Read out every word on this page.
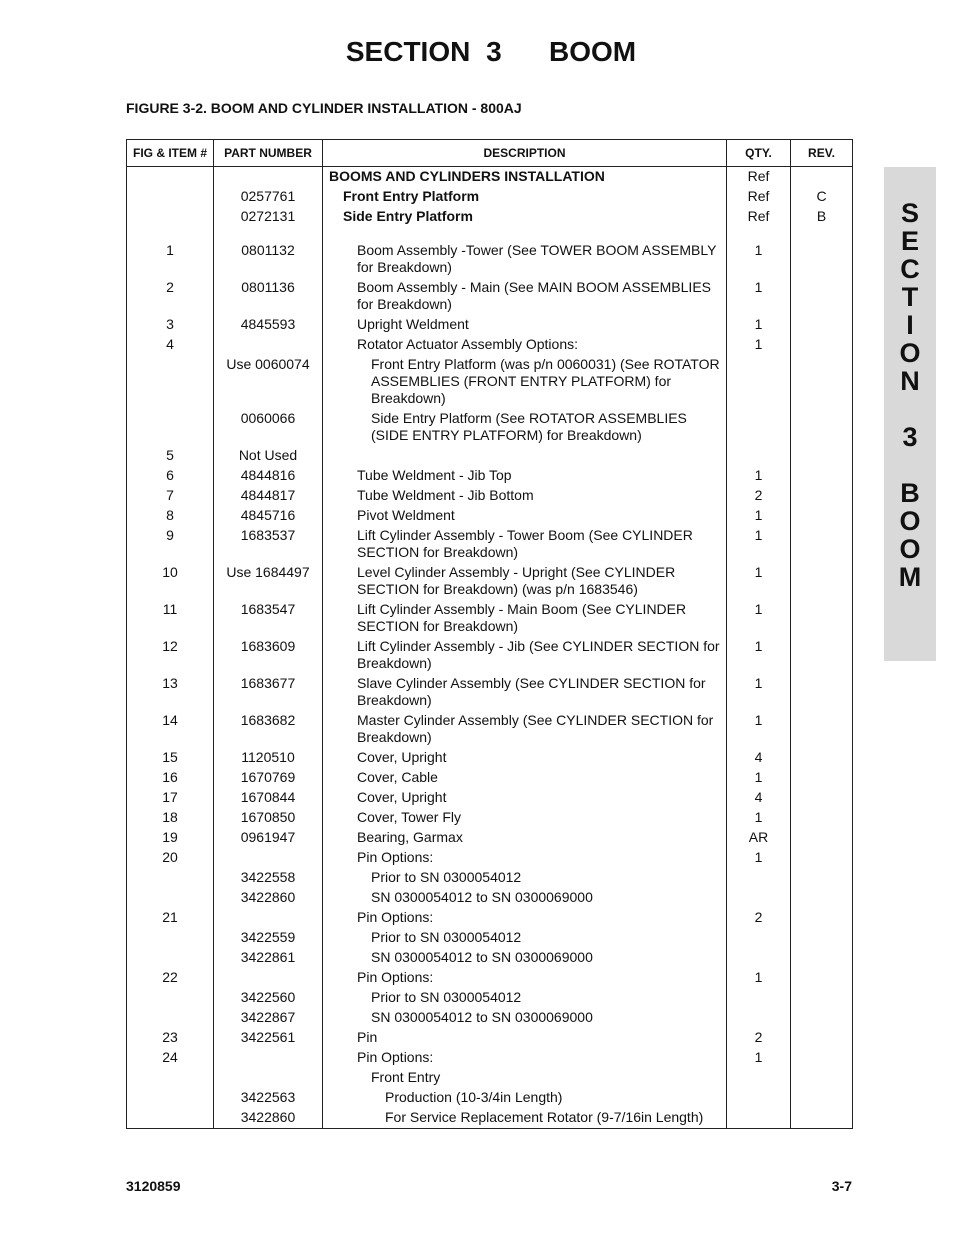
SECTION 3   BOOM
FIGURE 3-2. BOOM AND CYLINDER INSTALLATION - 800AJ
FIG & ITEM #	PART NUMBER	DESCRIPTION	QTY.	REV.

		BOOMS AND CYLINDERS INSTALLATION	Ref	
	0257761	Front Entry Platform	Ref	C
	0272131	Side Entry Platform	Ref	B

1	0801132	Boom Assembly -Tower (See TOWER BOOM ASSEMBLY for Breakdown)	1	
2	0801136	Boom Assembly - Main (See MAIN BOOM ASSEMBLIES for Breakdown)	1	
3	4845593	Upright Weldment	1	
4		Rotator Actuator Assembly Options:	1	
	Use 0060074	Front Entry Platform (was p/n 0060031) (See ROTATOR ASSEMBLIES (FRONT ENTRY PLATFORM) for Breakdown)		

	0060066	Side Entry Platform (See ROTATOR ASSEMBLIES (SIDE ENTRY PLATFORM) for Breakdown)		

5	Not Used	

6	4844816	Tube Weldment - Jib Top	1	
7	4844817	Tube Weldment - Jib Bottom	2	
8	4845716	Pivot Weldment	1	
9	1683537	Lift Cylinder Assembly - Tower Boom (See CYLINDER SECTION for Breakdown)	1	
10	Use 1684497	Level Cylinder Assembly - Upright (See CYLINDER SECTION for Breakdown) (was p/n 1683546)	1	
11	1683547	Lift Cylinder Assembly - Main Boom (See CYLINDER SECTION for Breakdown)	1	
12	1683609	Lift Cylinder Assembly - Jib (See CYLINDER SECTION for Breakdown)	1	
13	1683677	Slave Cylinder Assembly (See CYLINDER SECTION for Breakdown)	1	
14	1683682	Master Cylinder Assembly (See CYLINDER SECTION for Breakdown)	1	
15	1120510	Cover, Upright	4	
16	1670769	Cover, Cable	1	
17	1670844	Cover, Upright	4	
18	1670850	Cover, Tower Fly	1	
19	0961947	Bearing, Garmax	AR	
20		Pin Options:	1	
	3422558	Prior to SN 0300054012		

	3422860	SN 0300054012 to SN 0300069000		

21		Pin Options:	2	
	3422559	Prior to SN 0300054012		

	3422861	SN 0300054012 to SN 0300069000		

22		Pin Options:	1	
	3422560	Prior to SN 0300054012		

	3422867	SN 0300054012 to SN 0300069000		

23	3422561	Pin	2	
24		Pin Options:	1	

		Front Entry		

	3422563	Production (10-3/4in Length)		

	3422860	For Service Replacement Rotator (9-7/16in Length)		

S
E
C
T
I
O
N
3
B
O
O
M
3120859	3-7
